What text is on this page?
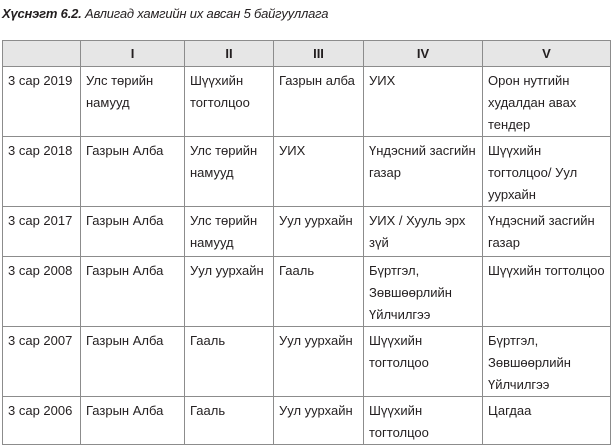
Хүснэгт 6.2. Авлигад хамгийн их авсан 5 байгууллага
	I	II	III	IV	V
3 сар 2019	Улс төрийн намууд	Шүүхийн тогтолцоо	Газрын алба	УИХ	Орон нутгийн худалдан авах тендер
3 сар 2018	Газрын Алба	Улс төрийн намууд	УИХ	Үндэсний засгийн газар	Шүүхийн тогтолцоо/ Уул уурхайн
3 сар 2017	Газрын Алба	Улс төрийн намууд	Уул уурхайн	УИХ / Хууль эрх зүй	Үндэсний засгийн газар
3 сар 2008	Газрын Алба	Уул уурхайн	Гааль	Бүртгэл, Зөвшөөрлийн Үйлчилгээ	Шүүхийн тогтолцоо
3 сар 2007	Газрын Алба	Гааль	Уул уурхайн	Шүүхийн тогтолцоо	Бүртгэл, Зөвшөөрлийн Үйлчилгээ
3 сар 2006	Газрын Алба	Гааль	Уул уурхайн	Шүүхийн тогтолцоо	Цагдаа
